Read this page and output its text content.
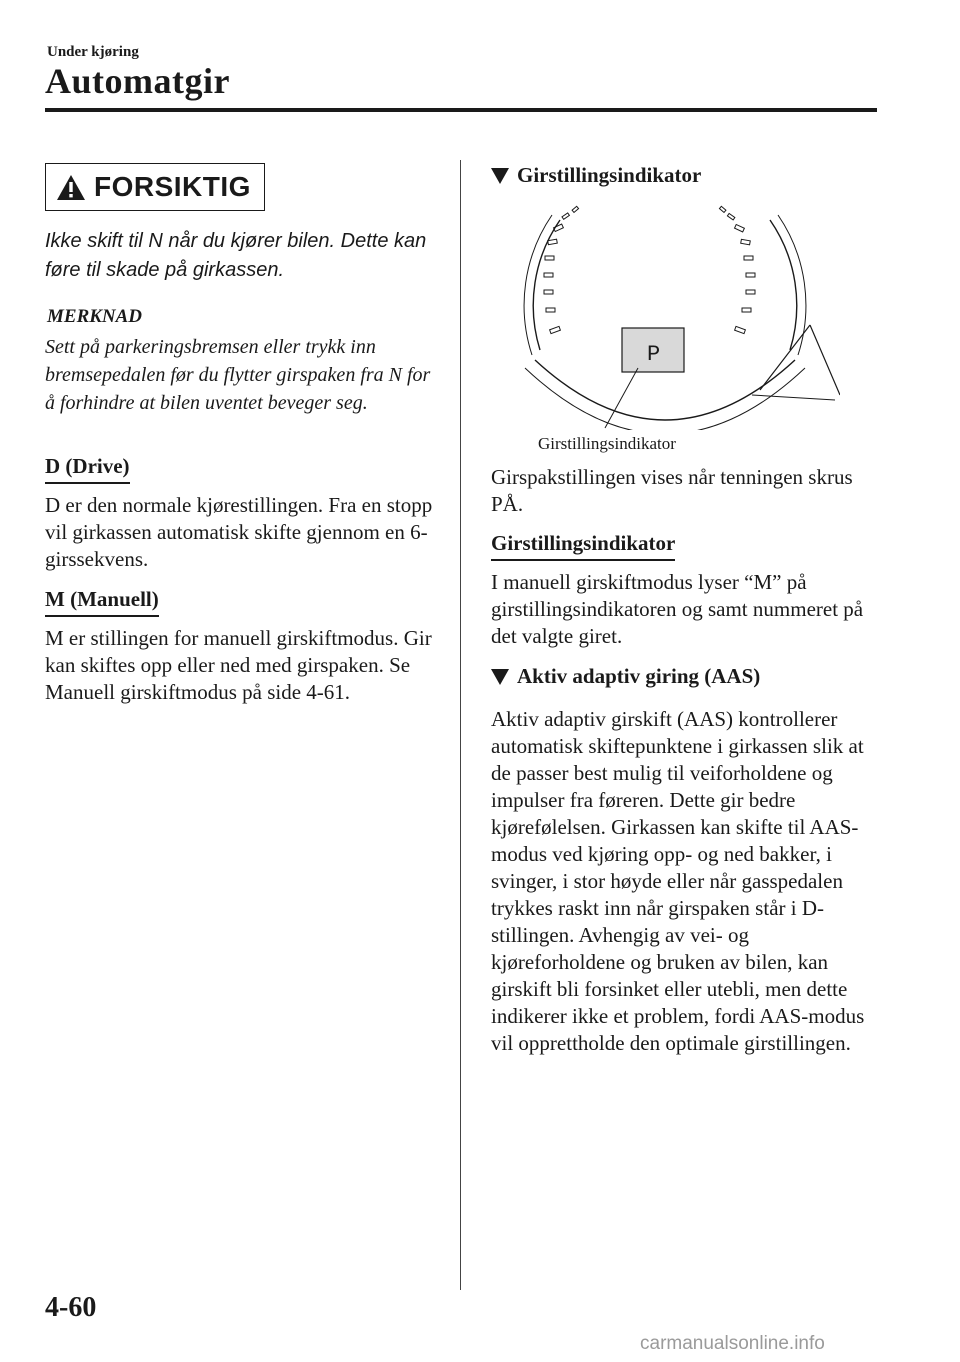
Under kjøring
Automatgir
FORSIKTIG
Ikke skift til N når du kjører bilen. Dette kan føre til skade på girkassen.
MERKNAD
Sett på parkeringsbremsen eller trykk inn bremsepedalen før du flytter girspaken fra N for å forhindre at bilen uventet beveger seg.
D (Drive)
D er den normale kjørestillingen. Fra en stopp vil girkassen automatisk skifte gjennom en 6-girssekvens.
M (Manuell)
M er stillingen for manuell girskiftmodus. Gir kan skiftes opp eller ned med girspaken. Se Manuell girskiftmodus på side 4-61.
Girstillingsindikator
P
Girstillingsindikator
Girspakstillingen vises når tenningen skrus PÅ.
Girstillingsindikator
I manuell girskiftmodus lyser “M” på girstillingsindikatoren og samt nummeret på det valgte giret.
Aktiv adaptiv giring (AAS)
Aktiv adaptiv girskift (AAS) kontrollerer automatisk skiftepunktene i girkassen slik at de passer best mulig til veiforholdene og impulser fra føreren. Dette gir bedre kjørefølelsen. Girkassen kan skifte til AAS-modus ved kjøring opp- og ned bakker, i svinger, i stor høyde eller når gasspedalen trykkes raskt inn når girspaken står i D-stillingen. Avhengig av vei- og kjøreforholdene og bruken av bilen, kan girskift bli forsinket eller utebli, men dette indikerer ikke et problem, fordi AAS-modus vil opprettholde den optimale girstillingen.
4-60
carmanualsonline.info
